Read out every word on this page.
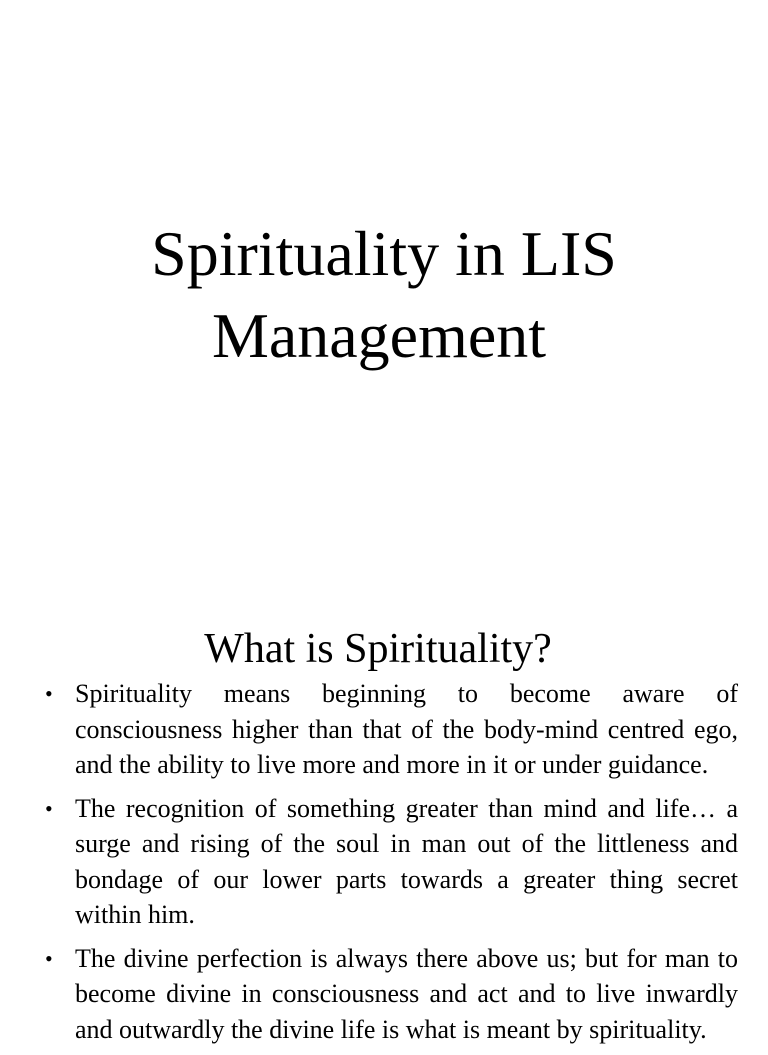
Spirituality in LIS
Management
What is Spirituality?
• Spirituality means beginning to become aware of consciousness higher than that of the body-mind centred ego, and the ability to live more and more in it or under guidance.
• The recognition of something greater than mind and life… a surge and rising of the soul in man out of the littleness and bondage of our lower parts towards a greater thing secret within him.
• The divine perfection is always there above us; but for man to become divine in consciousness and act and to live inwardly and outwardly the divine life is what is meant by spirituality.
